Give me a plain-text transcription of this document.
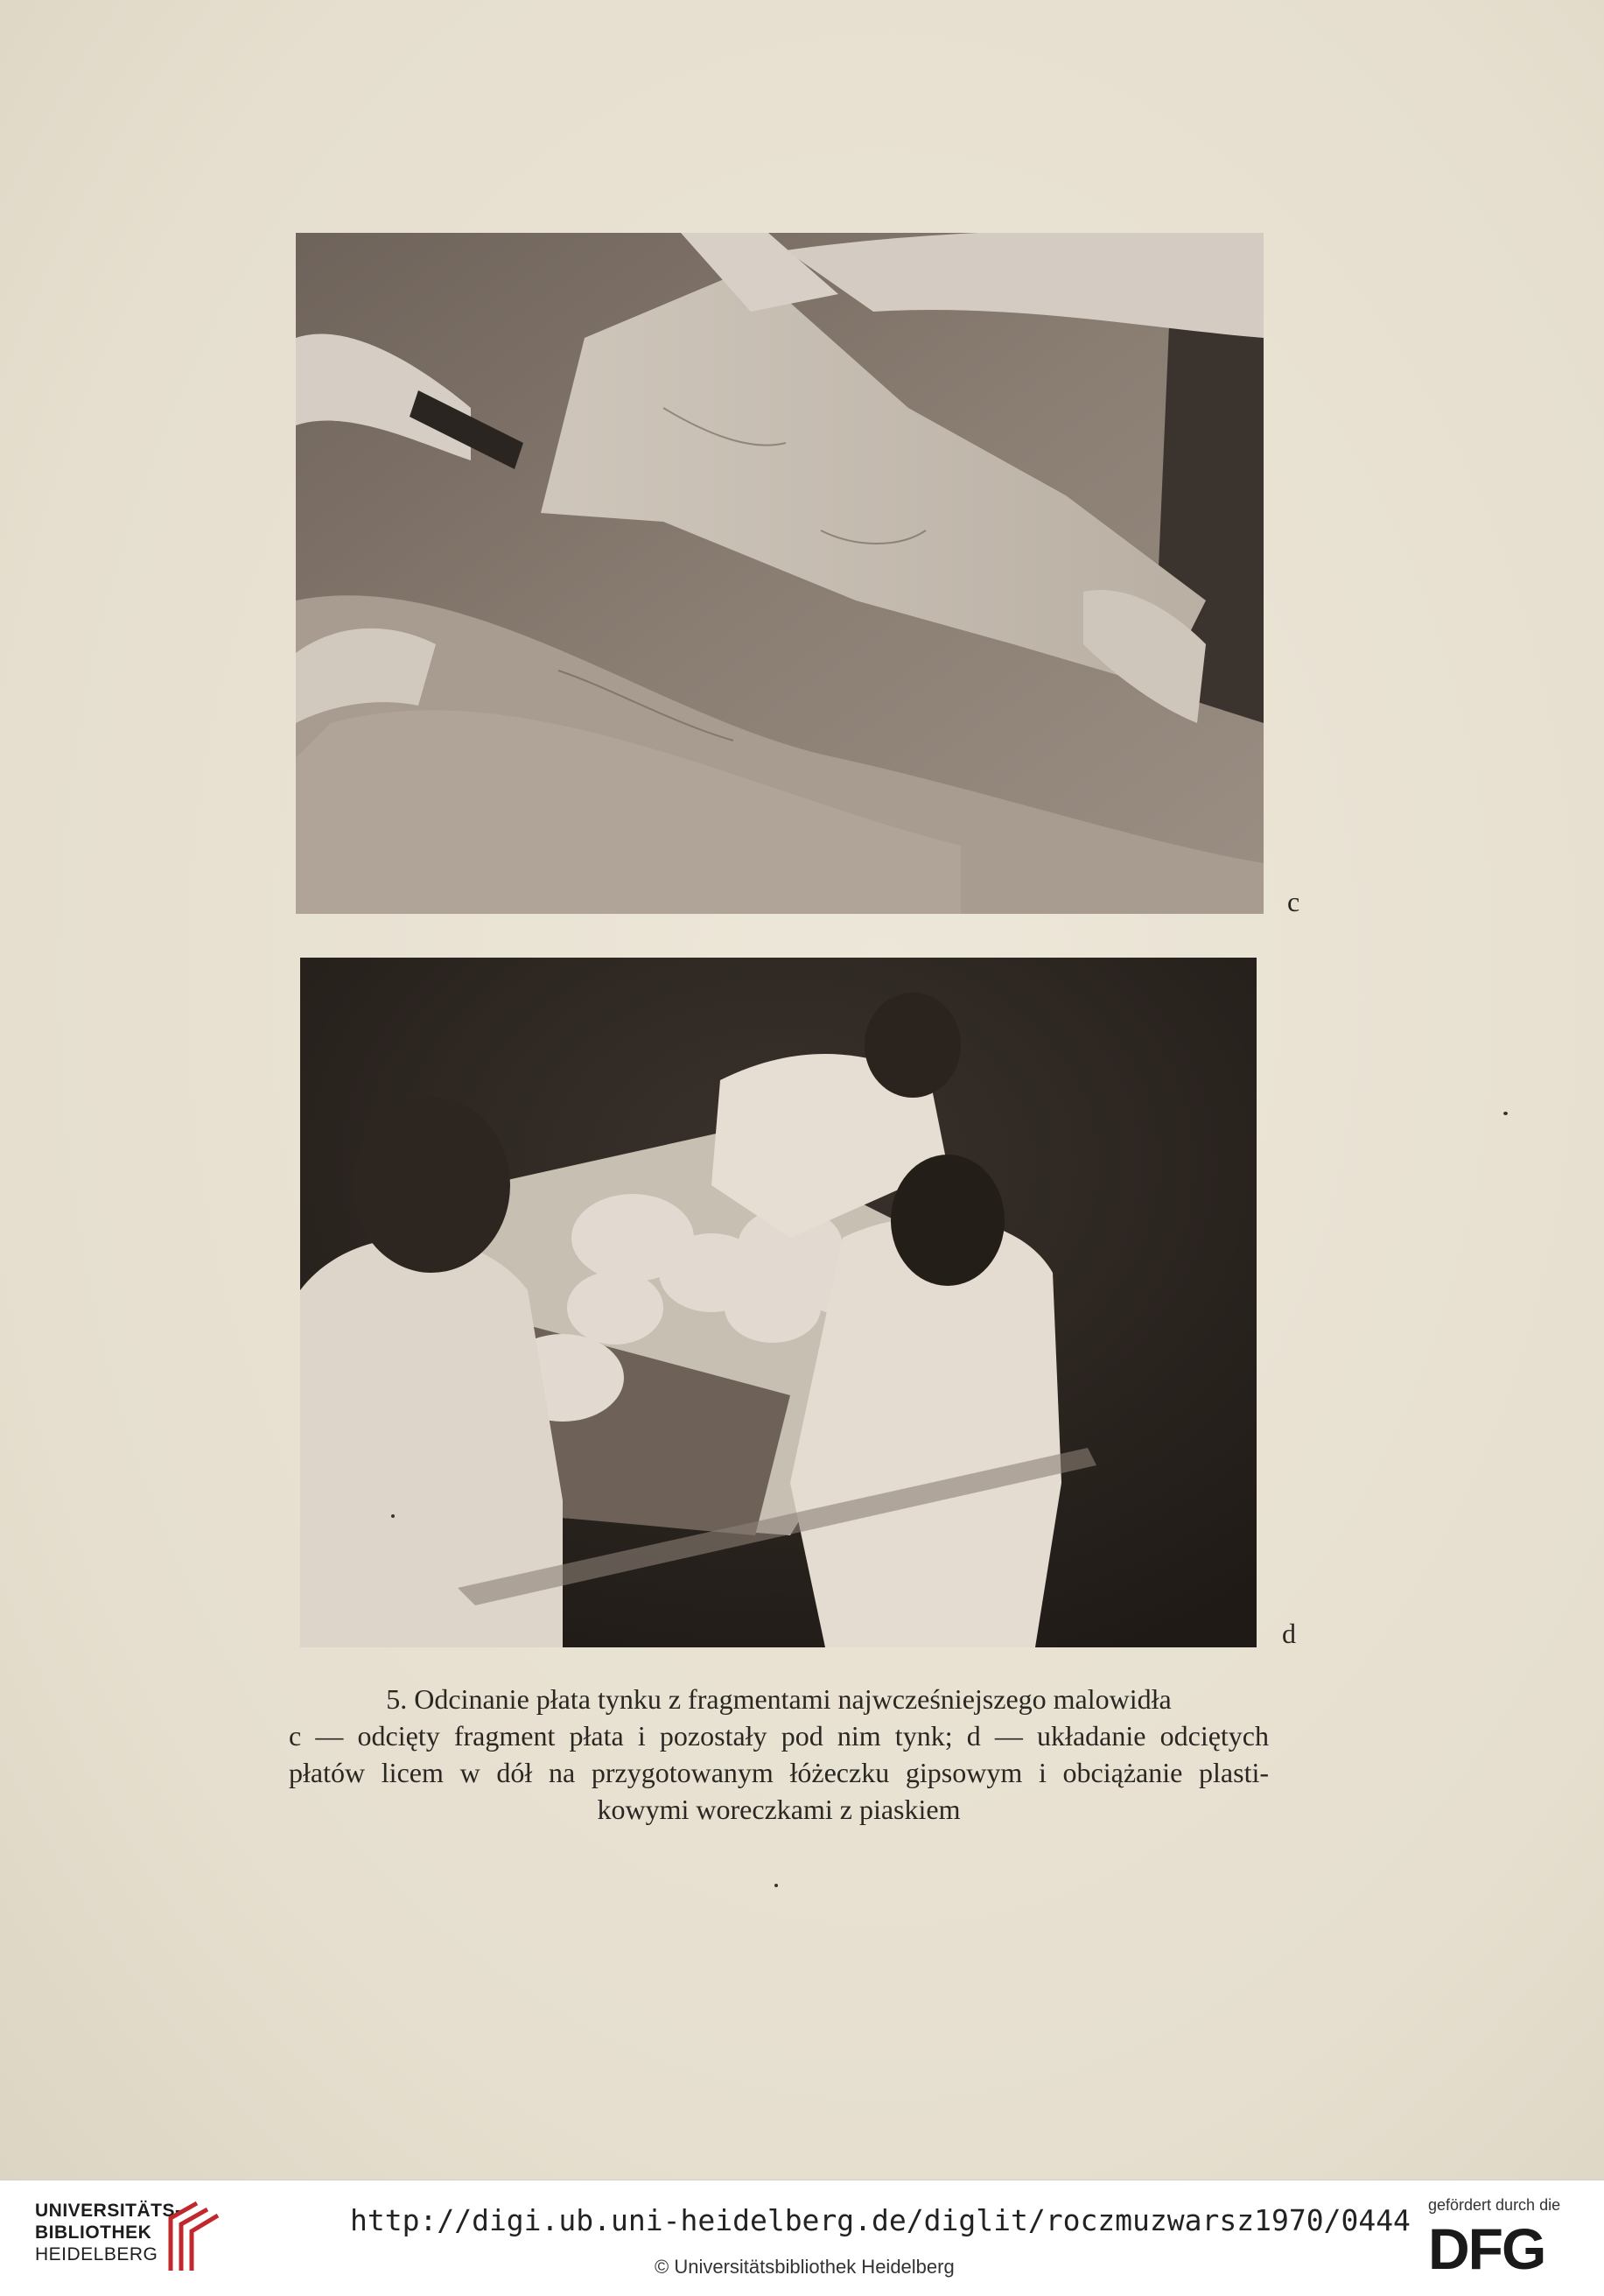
c
d
5. Odcinanie płata tynku z fragmentami najwcześniejszego malowidła
c — odcięty fragment płata i pozostały pod nim tynk; d — układanie odciętych
płatów licem w dół na przygotowanym łóżeczku gipsowym i obciążanie plasti-
kowymi woreczkami z piaskiem
UNIVERSITÄTS-
BIBLIOTHEK
HEIDELBERG
http://digi.ub.uni-heidelberg.de/diglit/roczmuzwarsz1970/0444
© Universitätsbibliothek Heidelberg
gefördert durch die
DFG
